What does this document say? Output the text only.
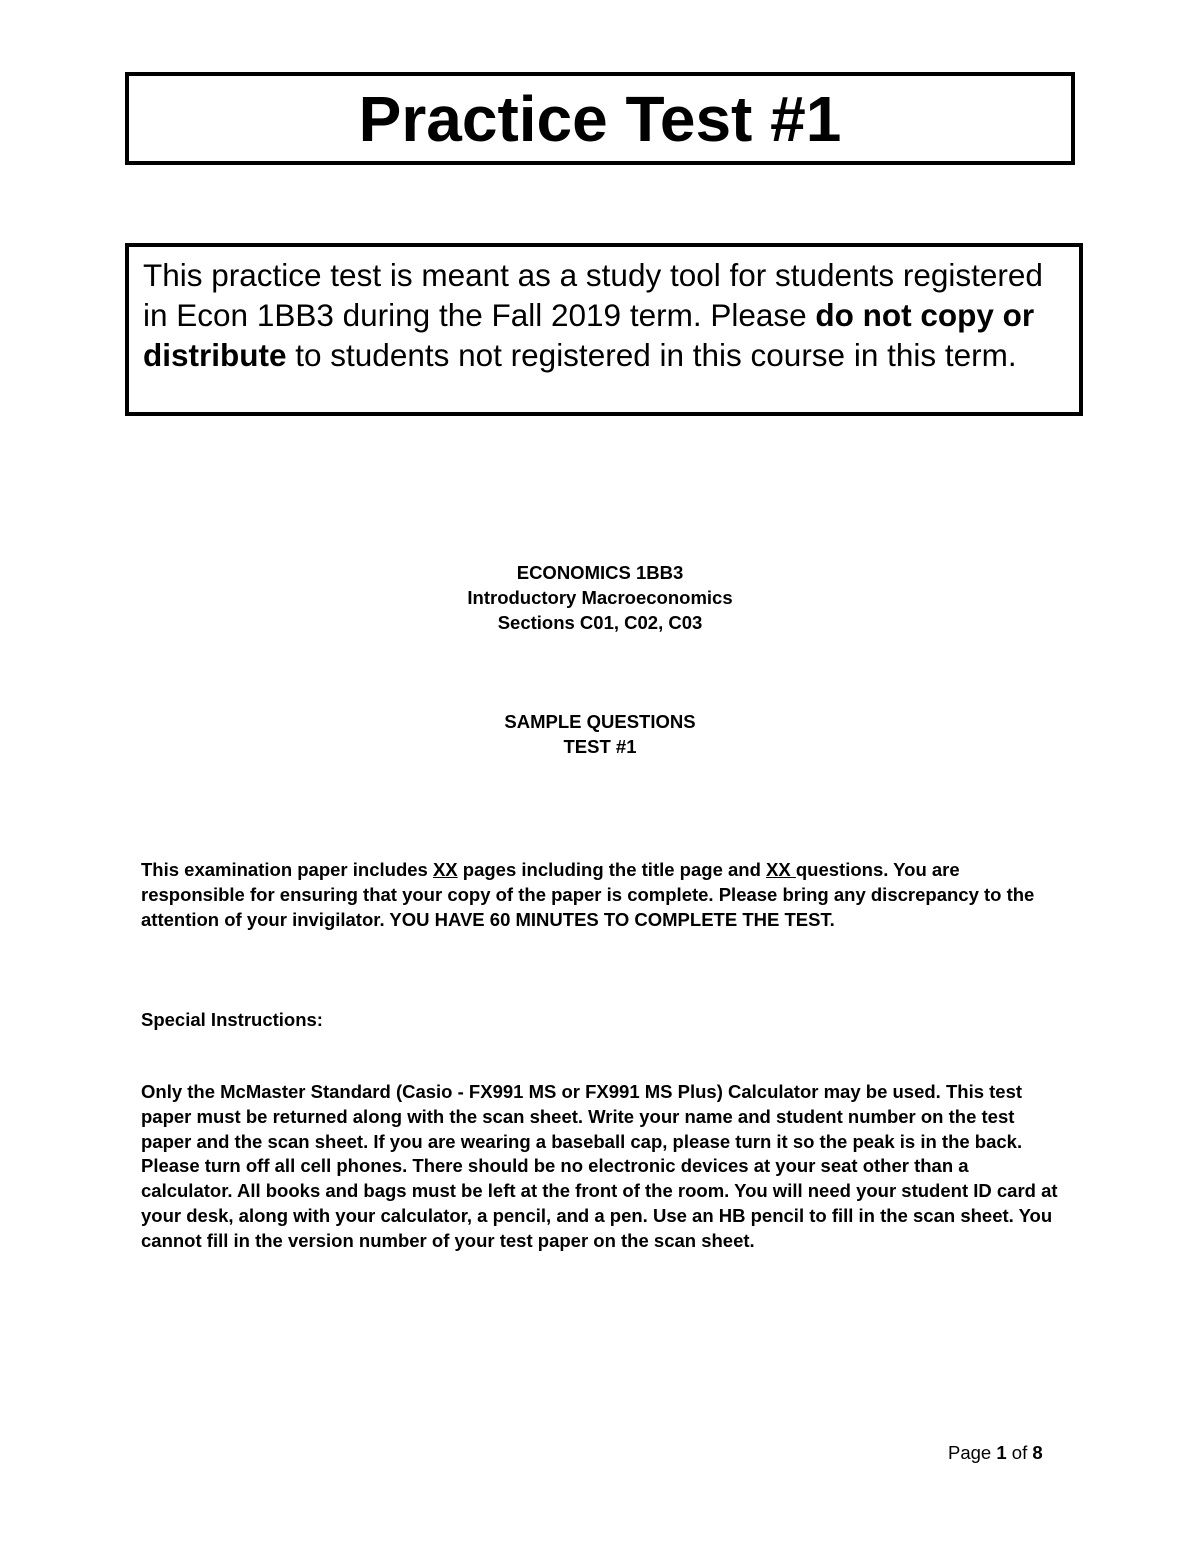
Practice Test #1
This practice test is meant as a study tool for students registered in Econ 1BB3 during the Fall 2019 term. Please do not copy or distribute to students not registered in this course in this term.
ECONOMICS 1BB3
Introductory Macroeconomics
Sections C01, C02, C03
SAMPLE QUESTIONS
TEST #1
This examination paper includes XX pages including the title page and XX questions. You are responsible for ensuring that your copy of the paper is complete. Please bring any discrepancy to the attention of your invigilator. YOU HAVE 60 MINUTES TO COMPLETE THE TEST.
Special Instructions:
Only the McMaster Standard (Casio - FX991 MS or FX991 MS Plus) Calculator may be used. This test paper must be returned along with the scan sheet. Write your name and student number on the test paper and the scan sheet. If you are wearing a baseball cap, please turn it so the peak is in the back. Please turn off all cell phones. There should be no electronic devices at your seat other than a calculator. All books and bags must be left at the front of the room. You will need your student ID card at your desk, along with your calculator, a pencil, and a pen. Use an HB pencil to fill in the scan sheet. You cannot fill in the version number of your test paper on the scan sheet.
Page 1 of 8
